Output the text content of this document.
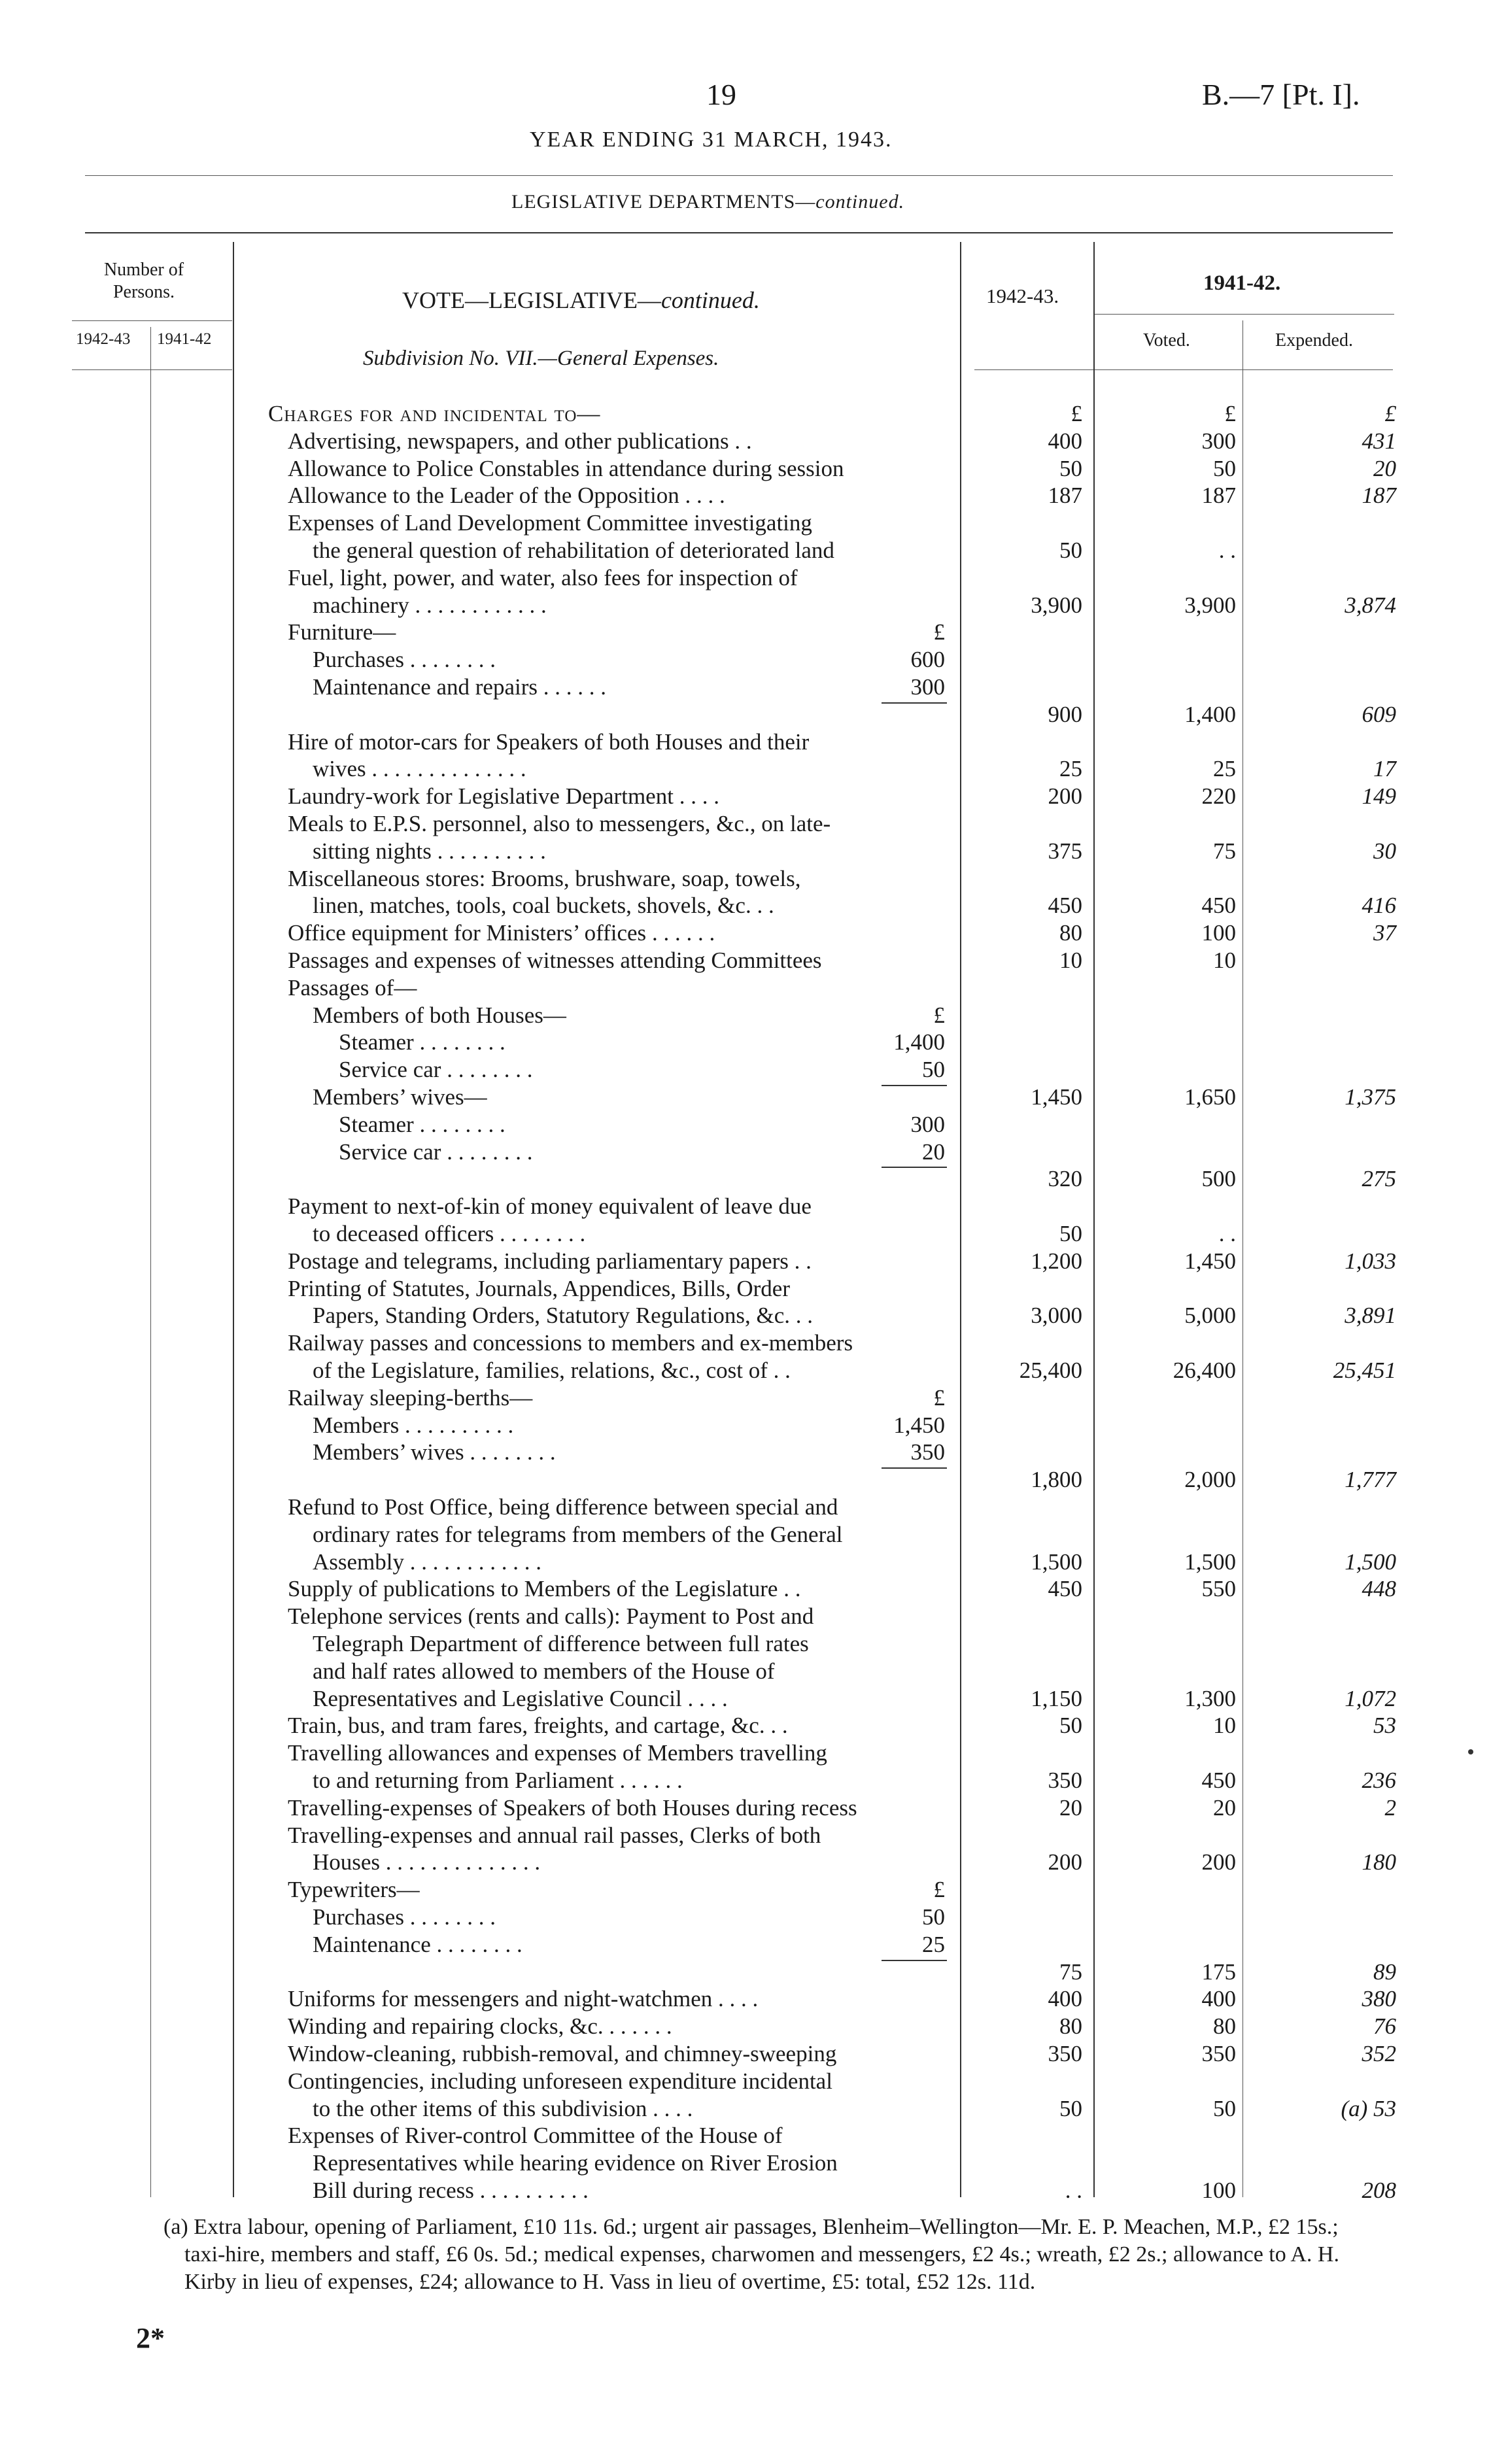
19	B.—7 [Pt. I].
YEAR ENDING 31 MARCH, 1943.
LEGISLATIVE DEPARTMENTS—continued.
Number of Persons.
1942-43 1941-42
VOTE—LEGISLATIVE—continued.
Subdivision No. VII.—General Expenses.
1942-43.
1941-42.
Voted.	Expended.
Charges for and incidental to—	£	£	£
Advertising, newspapers, and other publications . .	400	300	431
Allowance to Police Constables in attendance during session	50	50	20
Allowance to the Leader of the Opposition . . . .	187	187	187
Expenses of Land Development Committee investigating
the general question of rehabilitation of deteriorated land	50	. .
Fuel, light, power, and water, also fees for inspection of
machinery . . . . . . . . . . . .	3,900	3,900	3,874
Furniture—	£
Purchases . . . . . . . .	600
Maintenance and repairs . . . . . .	300
900	1,400	609
Hire of motor-cars for Speakers of both Houses and their
wives . . . . . . . . . . . . . .	25	25	17
Laundry-work for Legislative Department . . . .	200	220	149
Meals to E.P.S. personnel, also to messengers, &c., on late-
sitting nights . . . . . . . . . .	375	75	30
Miscellaneous stores: Brooms, brushware, soap, towels,
linen, matches, tools, coal buckets, shovels, &c. . .	450	450	416
Office equipment for Ministers’ offices . . . . . .	80	100	37
Passages and expenses of witnesses attending Committees	10	10
Passages of—
Members of both Houses—	£
Steamer . . . . . . . .	1,400
Service car . . . . . . . .	50
Members’ wives—	1,450	1,650	1,375
Steamer . . . . . . . .	300
Service car . . . . . . . .	20
320	500	275
Payment to next-of-kin of money equivalent of leave due
to deceased officers . . . . . . . .	50	. .
Postage and telegrams, including parliamentary papers . .	1,200	1,450	1,033
Printing of Statutes, Journals, Appendices, Bills, Order
Papers, Standing Orders, Statutory Regulations, &c. . .	3,000	5,000	3,891
Railway passes and concessions to members and ex-members
of the Legislature, families, relations, &c., cost of . .	25,400	26,400	25,451
Railway sleeping-berths—	£
Members . . . . . . . . . .	1,450
Members’ wives . . . . . . . .	350
1,800	2,000	1,777
Refund to Post Office, being difference between special and
ordinary rates for telegrams from members of the General
Assembly . . . . . . . . . . . .	1,500	1,500	1,500
Supply of publications to Members of the Legislature . .	450	550	448
Telephone services (rents and calls): Payment to Post and
Telegraph Department of difference between full rates
and half rates allowed to members of the House of
Representatives and Legislative Council . . . .	1,150	1,300	1,072
Train, bus, and tram fares, freights, and cartage, &c. . .	50	10	53
Travelling allowances and expenses of Members travelling
to and returning from Parliament . . . . . .	350	450	236
Travelling-expenses of Speakers of both Houses during recess	20	20	2
Travelling-expenses and annual rail passes, Clerks of both
Houses . . . . . . . . . . . . . .	200	200	180
Typewriters—	£
Purchases . . . . . . . .	50
Maintenance . . . . . . . .	25
75	175	89
Uniforms for messengers and night-watchmen . . . .	400	400	380
Winding and repairing clocks, &c. . . . . . .	80	80	76
Window-cleaning, rubbish-removal, and chimney-sweeping	350	350	352
Contingencies, including unforeseen expenditure incidental
to the other items of this subdivision . . . .	50	50	(a) 53
Expenses of River-control Committee of the House of
Representatives while hearing evidence on River Erosion
Bill during recess . . . . . . . . . .	. .	100	208
(a) Extra labour, opening of Parliament, £10 11s. 6d.; urgent air passages, Blenheim–Wellington—Mr. E. P. Meachen, M.P., £2 15s.; taxi-hire, members and staff, £6 0s. 5d.; medical expenses, charwomen and messengers, £2 4s.; wreath, £2 2s.; allowance to A. H. Kirby in lieu of expenses, £24; allowance to H. Vass in lieu of overtime, £5: total, £52 12s. 11d.
2*
